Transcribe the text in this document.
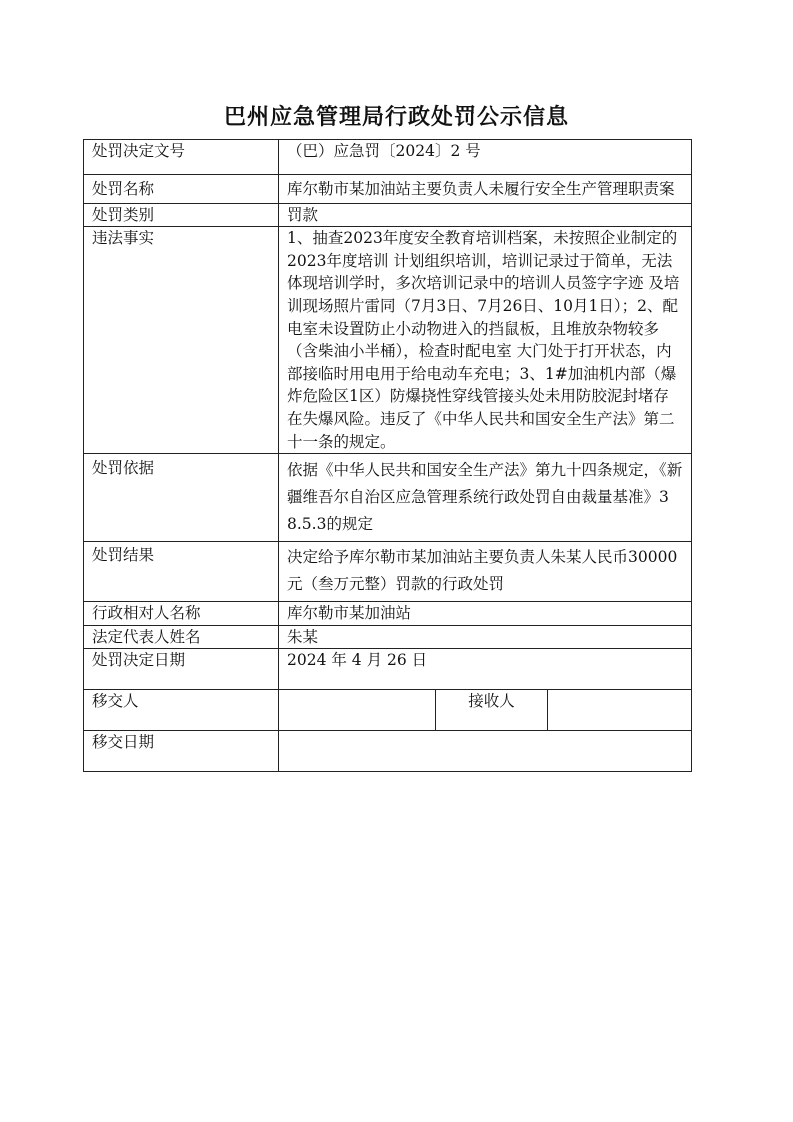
巴州应急管理局行政处罚公示信息
处罚决定文号	（巴）应急罚〔2024〕2 号		
处罚名称	库尔勒市某加油站主要负责人未履行安全生产管理职责案		
处罚类别	罚款		
违法事实	1、抽查2023年度安全教育培训档案，未按照企业制定的2023年度培训 计划组织培训，培训记录过于简单，无法体现培训学时，多次培训记录中的培训人员签字字迹 及培训现场照片雷同（7月3日、7月26日、10月1日）；2、配电室未设置防止小动物进入的挡鼠板，且堆放杂物较多（含柴油小半桶），检查时配电室 大门处于打开状态，内部接临时用电用于给电动车充电；3、1#加油机内部（爆炸危险区1区）防爆挠性穿线管接头处未用防胶泥封堵存在失爆风险。违反了《中华人民共和国安全生产法》第二十一条的规定。		
处罚依据	依据《中华人民共和国安全生产法》第九十四条规定，《新疆维吾尔自治区应急管理系统行政处罚自由裁量基准》38.5.3的规定		
处罚结果	决定给予库尔勒市某加油站主要负责人朱某人民币30000元（叁万元整）罚款的行政处罚		
行政相对人名称	库尔勒市某加油站		
法定代表人姓名	朱某		
处罚决定日期	2024 年 4 月 26 日		
移交人		接收人	
移交日期			
